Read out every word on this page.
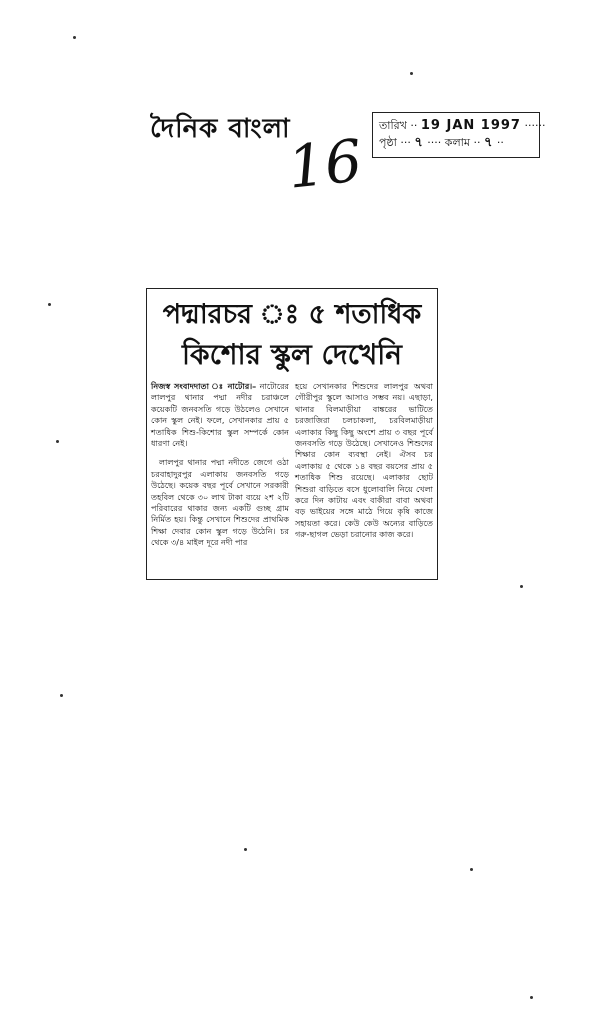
দৈনিক বাংলা	তারিখ ·· 19 JAN 1997 ······
পৃষ্ঠা ··· ৭ ···· কলাম ·· ৭ ··
16
পদ্মারচর ঃ ৫ শতাধিক
কিশোর স্কুল দেখেনি

নিজস্ব সংবাদদাতা ঃ নাটোর।– নাটোরের লালপুর থানার পদ্মা নদীর চরাঞ্চলে কয়েকটি জনবসতি গড়ে উঠলেও সেখানে কোন স্কুল নেই। ফলে, সেখানকার প্রায় ৫ শতাধিক শিশু-কিশোর স্কুল সম্পর্কে কোন ধারণা নেই।

লালপুর থানার পদ্মা নদীতে জেগে ওঠা চরবাহাদুরপুর এলাকায় জনবসতি গড়ে উঠেছে। কয়েক বছর পূর্বে সেখানে সরকারী তহবিল থেকে ৩০ লাখ টাকা ব্যয়ে ২শ ২টি পরিবারের থাকার জন্য একটি গুচ্ছ গ্রাম নির্মিত হয়। কিন্তু সেখানে শিশুদের প্রাথমিক শিক্ষা দেবার কোন স্কুল গড়ে উঠেনি। চর থেকে ৩/৪ মাইল দূরে নদী পার

হয়ে সেখানকার শিশুদের লালপুর অথবা গৌরীপুর স্কুলে আসাও সম্ভব নয়। এছাড়া, থানার বিলমাড়ীয়া বাঙ্করের ভাটিতে চরজাজিরা চলচাকলা, চরবিলমাড়ীয়া এলাকার কিছু কিছু অংশে প্রায় ৩ বছর পূর্বে জনবসতি গড়ে উঠেছে। সেখানেও শিশুদের শিক্ষার কোন ব্যবস্থা নেই। ঐসব চর এলাকায় ৫ থেকে ১৪ বছর বয়সের প্রায় ৫ শতাধিক শিশু রয়েছে। এলাকার ছোট শিশুরা বাড়িতে বসে ধুলোবালি নিয়ে খেলা করে দিন কাটায় এবং বাকীরা বাবা অথবা বড় ভাইয়ের সঙ্গে মাঠে গিয়ে কৃষি কাজে সহায়তা করে। কেউ কেউ অন্যের বাড়িতে গরু-ছাগল ভেড়া চরানোর কাজ করে।
